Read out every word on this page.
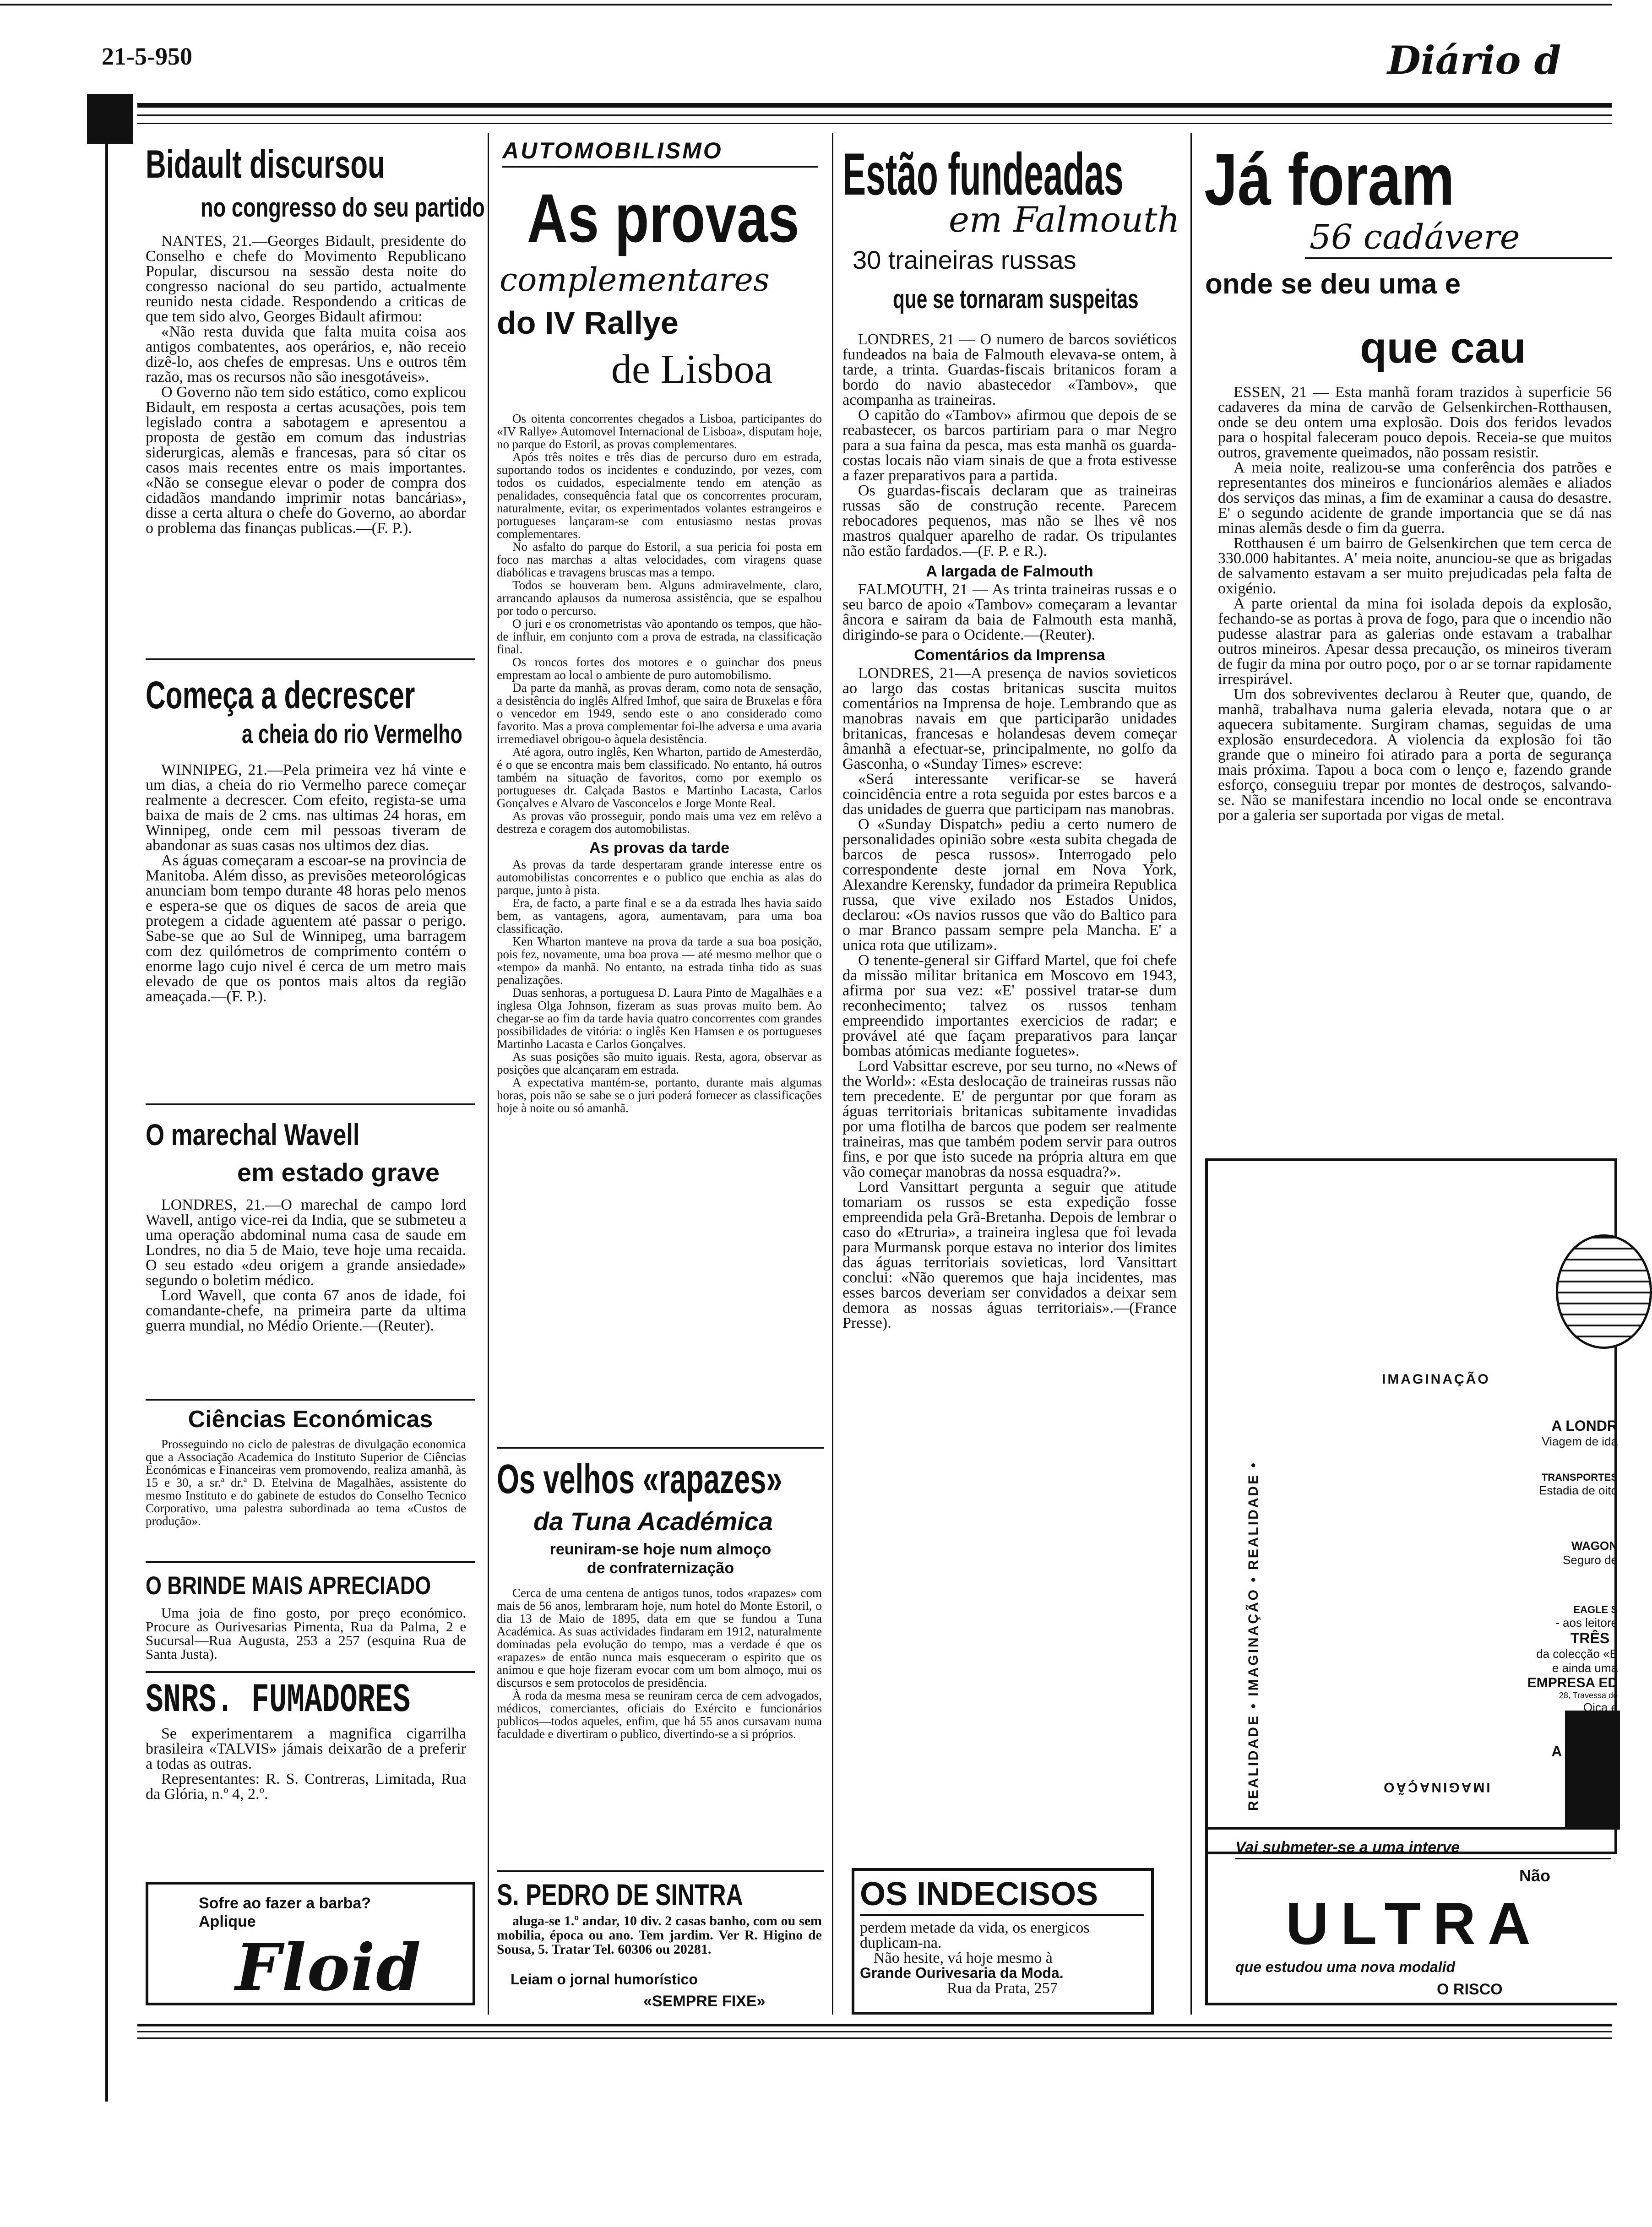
21-5-950	Diário d
Bidault discursou
no congresso do seu partido

NANTES, 21.—Georges Bidault, presidente do Conselho e chefe do Movimento Republicano Popular, discursou na sessão desta noite do congresso nacional do seu partido, actualmente reunido nesta cidade. Respondendo a criticas de que tem sido alvo, Georges Bidault afirmou:

«Não resta duvida que falta muita coisa aos antigos combatentes, aos operários, e, não receio dizê-lo, aos chefes de empresas. Uns e outros têm razão, mas os recursos não são inesgotáveis».

O Governo não tem sido estático, como explicou Bidault, em resposta a certas acusações, pois tem legislado contra a sabotagem e apresentou a proposta de gestão em comum das industrias siderurgicas, alemãs e francesas, para só citar os casos mais recentes entre os mais importantes. «Não se consegue elevar o poder de compra dos cidadãos mandando imprimir notas bancárias», disse a certa altura o chefe do Governo, ao abordar o problema das finanças publicas.—(F. P.).

Começa a decrescer
a cheia do rio Vermelho

WINNIPEG, 21.—Pela primeira vez há vinte e um dias, a cheia do rio Vermelho parece começar realmente a decrescer. Com efeito, regista-se uma baixa de mais de 2 cms. nas ultimas 24 horas, em Winnipeg, onde cem mil pessoas tiveram de abandonar as suas casas nos ultimos dez dias.

As águas começaram a escoar-se na provincia de Manitoba. Além disso, as previsões meteorológicas anunciam bom tempo durante 48 horas pelo menos e espera-se que os diques de sacos de areia que protegem a cidade aguentem até passar o perigo. Sabe-se que ao Sul de Winnipeg, uma barragem com dez quilómetros de comprimento contém o enorme lago cujo nivel é cerca de um metro mais elevado de que os pontos mais altos da região ameaçada.—(F. P.).

O marechal Wavell
em estado grave

LONDRES, 21.—O marechal de campo lord Wavell, antigo vice-rei da India, que se submeteu a uma operação abdominal numa casa de saude em Londres, no dia 5 de Maio, teve hoje uma recaida. O seu estado «deu origem a grande ansiedade» segundo o boletim médico.

Lord Wavell, que conta 67 anos de idade, foi comandante-chefe, na primeira parte da ultima guerra mundial, no Médio Oriente.—(Reuter).

Ciências Económicas

Prosseguindo no ciclo de palestras de divulgação economica que a Associação Academica do Instituto Superior de Ciências Económicas e Financeiras vem promovendo, realiza amanhã, às 15 e 30, a sr.ª dr.ª D. Etelvina de Magalhães, assistente do mesmo Instituto e do gabinete de estudos do Conselho Tecnico Corporativo, uma palestra subordinada ao tema «Custos de produção».

O BRINDE MAIS APRECIADO

Uma joia de fino gosto, por preço económico. Procure as Ourivesarias Pimenta, Rua da Palma, 2 e Sucursal—Rua Augusta, 253 a 257 (esquina Rua de Santa Justa).

SNRS. FUMADORES

Se experimentarem a magnifica cigarrilha brasileira «TALVIS» jámais deixarão de a preferir a todas as outras.

Representantes: R. S. Contreras, Limitada, Rua da Glória, n.º 4, 2.º.

Sofre ao fazer a barba?
Aplique
Floid
AUTOMOBILISMO
As provas
complementares
do IV Rallye
de Lisboa

Os oitenta concorrentes chegados a Lisboa, participantes do «IV Rallye» Automovel Internacional de Lisboa», disputam hoje, no parque do Estoril, as provas complementares.

Após três noites e três dias de percurso duro em estrada, suportando todos os incidentes e conduzindo, por vezes, com todos os cuidados, especialmente tendo em atenção as penalidades, consequência fatal que os concorrentes procuram, naturalmente, evitar, os experimentados volantes estrangeiros e portugueses lançaram-se com entusiasmo nestas provas complementares.

No asfalto do parque do Estoril, a sua pericia foi posta em foco nas marchas a altas velocidades, com viragens quase diabólicas e travagens bruscas mas a tempo.

Todos se houveram bem. Alguns admiravelmente, claro, arrancando aplausos da numerosa assistência, que se espalhou por todo o percurso.

O juri e os cronometristas vão apontando os tempos, que hão-de influir, em conjunto com a prova de estrada, na classificação final.

Os roncos fortes dos motores e o guinchar dos pneus emprestam ao local o ambiente de puro automobilismo.

Da parte da manhã, as provas deram, como nota de sensação, a desistência do inglês Alfred Imhof, que saira de Bruxelas e fôra o vencedor em 1949, sendo este o ano considerado como favorito. Mas a prova complementar foi-lhe adversa e uma avaria irremediavel obrigou-o àquela desistência.

Até agora, outro inglês, Ken Wharton, partido de Amesterdão, é o que se encontra mais bem classificado. No entanto, há outros também na situação de favoritos, como por exemplo os portugueses dr. Calçada Bastos e Martinho Lacasta, Carlos Gonçalves e Alvaro de Vasconcelos e Jorge Monte Real.

As provas vão prosseguir, pondo mais uma vez em relêvo a destreza e coragem dos automobilistas.

As provas da tarde

As provas da tarde despertaram grande interesse entre os automobilistas concorrentes e o publico que enchia as alas do parque, junto à pista.

Era, de facto, a parte final e se a da estrada lhes havia saido bem, as vantagens, agora, aumentavam, para uma boa classificação.

Ken Wharton manteve na prova da tarde a sua boa posição, pois fez, novamente, uma boa prova — até mesmo melhor que o «tempo» da manhã. No entanto, na estrada tinha tido as suas penalizações.

Duas senhoras, a portuguesa D. Laura Pinto de Magalhães e a inglesa Olga Johnson, fizeram as suas provas muito bem. Ao chegar-se ao fim da tarde havia quatro concorrentes com grandes possibilidades de vitória: o inglês Ken Hamsen e os portugueses Martinho Lacasta e Carlos Gonçalves.

As suas posições são muito iguais. Resta, agora, observar as posições que alcançaram em estrada.

A expectativa mantém-se, portanto, durante mais algumas horas, pois não se sabe se o juri poderá fornecer as classificações hoje à noite ou só amanhã.

Os velhos «rapazes»
da Tuna Académica
reuniram-se hoje num almoço
de confraternização

Cerca de uma centena de antigos tunos, todos «rapazes» com mais de 56 anos, lembraram hoje, num hotel do Monte Estoril, o dia 13 de Maio de 1895, data em que se fundou a Tuna Académica. As suas actividades findaram em 1912, naturalmente dominadas pela evolução do tempo, mas a verdade é que os «rapazes» de então nunca mais esqueceram o espirito que os animou e que hoje fizeram evocar com um bom almoço, mui os discursos e sem protocolos de presidência.

À roda da mesma mesa se reuniram cerca de cem advogados, médicos, comerciantes, oficiais do Exército e funcionários publicos—todos aqueles, enfim, que há 55 anos cursavam numa faculdade e divertiram o publico, divertindo-se a si próprios.

S. PEDRO DE SINTRA

aluga-se 1.º andar, 10 div. 2 casas banho, com ou sem mobilia, época ou ano. Tem jardim. Ver R. Higino de Sousa, 5. Tratar Tel. 60306 ou 20281.

Leiam o jornal humorístico
«SEMPRE FIXE»
Estão fundeadas
em Falmouth
30 traineiras russas
que se tornaram suspeitas

LONDRES, 21 — O numero de barcos soviéticos fundeados na baia de Falmouth elevava-se ontem, à tarde, a trinta. Guardas-fiscais britanicos foram a bordo do navio abastecedor «Tambov», que acompanha as traineiras.

O capitão do «Tambov» afirmou que depois de se reabastecer, os barcos partiriam para o mar Negro para a sua faina da pesca, mas esta manhã os guarda-costas locais não viam sinais de que a frota estivesse a fazer preparativos para a partida.

Os guardas-fiscais declaram que as traineiras russas são de construção recente. Parecem rebocadores pequenos, mas não se lhes vê nos mastros qualquer aparelho de radar. Os tripulantes não estão fardados.—(F. P. e R.).

A largada de Falmouth

FALMOUTH, 21 — As trinta traineiras russas e o seu barco de apoio «Tambov» começaram a levantar âncora e sairam da baia de Falmouth esta manhã, dirigindo-se para o Ocidente.—(Reuter).

Comentários da Imprensa

LONDRES, 21—A presença de navios sovieticos ao largo das costas britanicas suscita muitos comentários na Imprensa de hoje. Lembrando que as manobras navais em que participarão unidades britanicas, francesas e holandesas devem começar âmanhã a efectuar-se, principalmente, no golfo da Gasconha, o «Sunday Times» escreve:

«Será interessante verificar-se se haverá coincidência entre a rota seguida por estes barcos e a das unidades de guerra que participam nas manobras.

O «Sunday Dispatch» pediu a certo numero de personalidades opinião sobre «esta subita chegada de barcos de pesca russos». Interrogado pelo correspondente deste jornal em Nova York, Alexandre Kerensky, fundador da primeira Republica russa, que vive exilado nos Estados Unidos, declarou: «Os navios russos que vão do Baltico para o mar Branco passam sempre pela Mancha. E' a unica rota que utilizam».

O tenente-general sir Giffard Martel, que foi chefe da missão militar britanica em Moscovo em 1943, afirma por sua vez: «E' possivel tratar-se dum reconhecimento; talvez os russos tenham empreendido importantes exercicios de radar; e provável até que façam preparativos para lançar bombas atómicas mediante foguetes».

Lord Vabsittar escreve, por seu turno, no «News of the World»: «Esta deslocação de traineiras russas não tem precedente. E' de perguntar por que foram as águas territoriais britanicas subitamente invadidas por uma flotilha de barcos que podem ser realmente traineiras, mas que também podem servir para outros fins, e por que isto sucede na própria altura em que vão começar manobras da nossa esquadra?».

Lord Vansittart pergunta a seguir que atitude tomariam os russos se esta expedição fosse empreendida pela Grã-Bretanha. Depois de lembrar o caso do «Etruria», a traineira inglesa que foi levada para Murmansk porque estava no interior dos limites das águas territoriais sovieticas, lord Vansittart conclui: «Não queremos que haja incidentes, mas esses barcos deveriam ser convidados a deixar sem demora as nossas águas territoriais».—(France Presse).

OS INDECISOS
perdem metade da vida, os energicos duplicam-na.
Não hesite, vá hoje mesmo à
Grande Ourivesaria da Moda.
Rua da Prata, 257
Já foram
56 cadávere
onde se deu uma e
que cau

ESSEN, 21 — Esta manhã foram trazidos à superficie 56 cadaveres da mina de carvão de Gelsenkirchen-Rotthausen, onde se deu ontem uma explosão. Dois dos feridos levados para o hospital faleceram pouco depois. Receia-se que muitos outros, gravemente queimados, não possam resistir.

A meia noite, realizou-se uma conferência dos patrões e representantes dos mineiros e funcionários alemães e aliados dos serviços das minas, a fim de examinar a causa do desastre. E' o segundo acidente de grande importancia que se dá nas minas alemãs desde o fim da guerra.

Rotthausen é um bairro de Gelsenkirchen que tem cerca de 330.000 habitantes. A' meia noite, anunciou-se que as brigadas de salvamento estavam a ser muito prejudicadas pela falta de oxigénio.

A parte oriental da mina foi isolada depois da explosão, fechando-se as portas à prova de fogo, para que o incendio não pudesse alastrar para as galerias onde estavam a trabalhar outros mineiros. Apesar dessa precaução, os mineiros tiveram de fugir da mina por outro poço, por o ar se tornar rapidamente irrespirável.

Um dos sobreviventes declarou à Reuter que, quando, de manhã, trabalhava numa galeria elevada, notara que o ar aquecera subitamente. Surgiram chamas, seguidas de uma explosão ensurdecedora. A violencia da explosão foi tão grande que o mineiro foi atirado para a porta de segurança mais próxima. Tapou a boca com o lenço e, fazendo grande esforço, conseguiu trepar por montes de destroços, salvando-se. Não se manifestara incendio no local onde se encontrava por a galeria ser suportada por vigas de metal.

IMAGINAÇÃO
REALIDADE • IMAGINAÇÃO • REALIDADE •	IMAGINAÇÃO
A LONDR
Viagem de ida
TRANSPORTES
Estadia de oito
WAGON
Seguro de
EAGLE S
- aos leitore
TRÊS I
da colecção «E
e ainda uma
EMPRESA ED
28, Travessa do
Oiça e
nossos
COMBIO
A LONDR
Vai submeter-se a uma interve
Não
ULTRA
que estudou uma nova modalid
O RISCO
